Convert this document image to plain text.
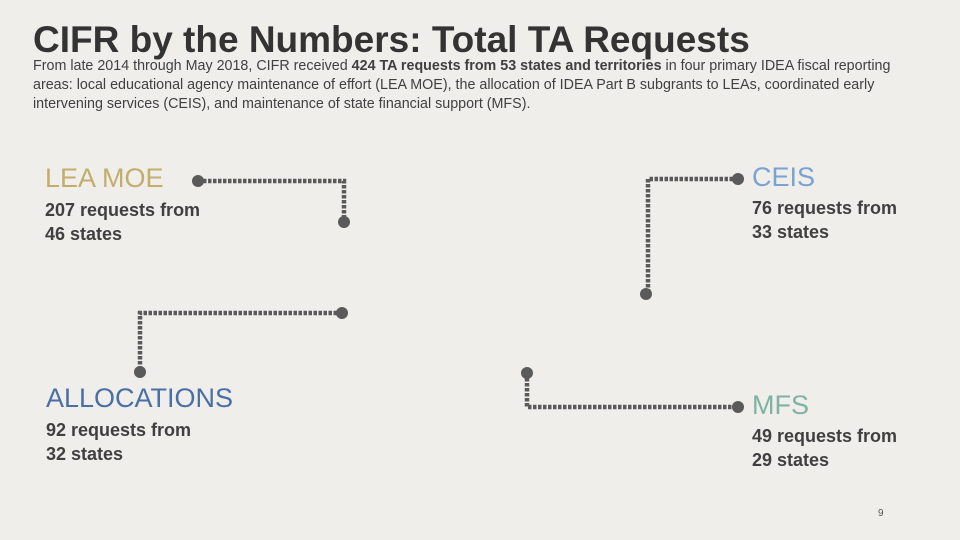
CIFR by the Numbers: Total TA Requests

From late 2014 through May 2018, CIFR received 424 TA requests from 53 states and territories in four primary IDEA fiscal reporting areas: local educational agency maintenance of effort (LEA MOE), the allocation of IDEA Part B subgrants to LEAs, coordinated early intervening services (CEIS), and maintenance of state financial support (MFS).

LEA MOE
207 requests from
46 states
CEIS
76 requests from
33 states
ALLOCATIONS
92 requests from
32 states
MFS
49 requests from
29 states
9
